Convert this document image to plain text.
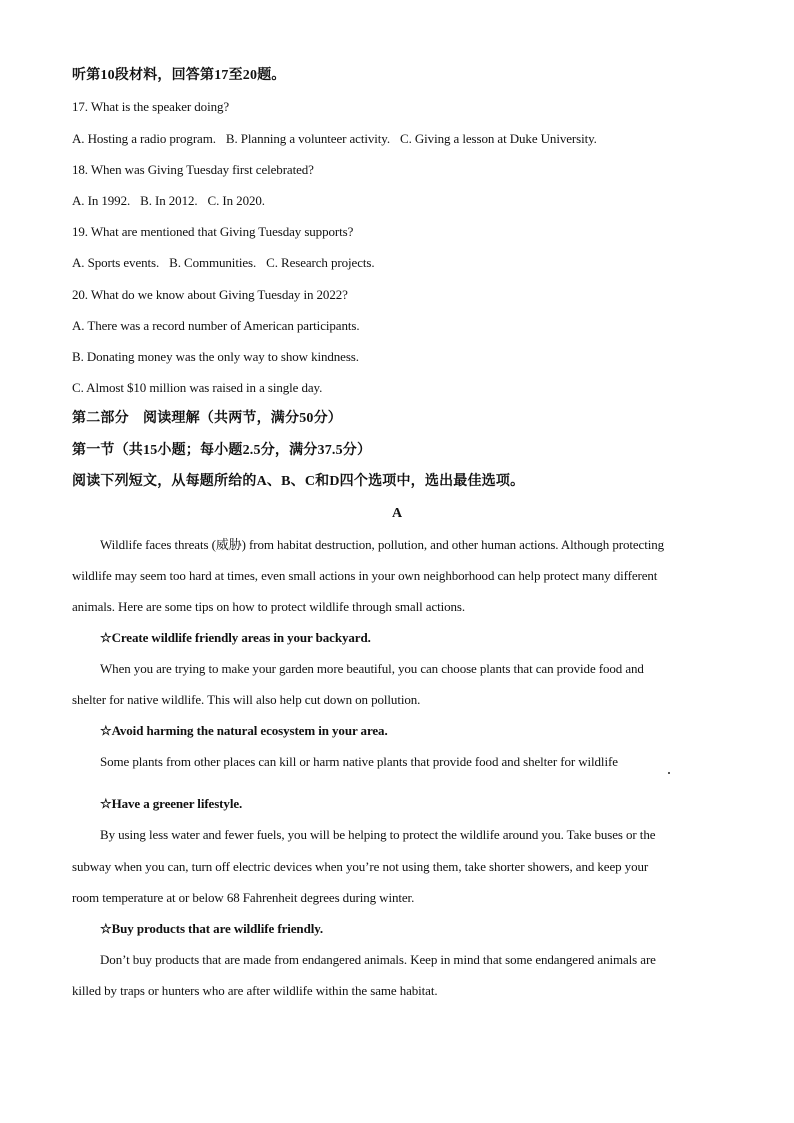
听第10段材料，回答第17至20题。
17. What is the speaker doing?
A. Hosting a radio program. B. Planning a volunteer activity. C. Giving a lesson at Duke University.
18. When was Giving Tuesday first celebrated?
A. In 1992. B. In 2012. C. In 2020.
19. What are mentioned that Giving Tuesday supports?
A. Sports events. B. Communities. C. Research projects.
20. What do we know about Giving Tuesday in 2022?
A. There was a record number of American participants.
B. Donating money was the only way to show kindness.
C. Almost $10 million was raised in a single day.
第二部分　阅读理解（共两节，满分50分）
第一节（共15小题；每小题2.5分，满分37.5分）
阅读下列短文，从每题所给的A、B、C和D四个选项中，选出最佳选项。
A
Wildlife faces threats (威胁) from habitat destruction, pollution, and other human actions. Although protecting
wildlife may seem too hard at times, even small actions in your own neighborhood can help protect many different
animals. Here are some tips on how to protect wildlife through small actions.
☆Create wildlife friendly areas in your backyard.
When you are trying to make your garden more beautiful, you can choose plants that can provide food and
shelter for native wildlife. This will also help cut down on pollution.
☆Avoid harming the natural ecosystem in your area.
Some plants from other places can kill or harm native plants that provide food and shelter for wildlife
☆Have a greener lifestyle.
By using less water and fewer fuels, you will be helping to protect the wildlife around you. Take buses or the
subway when you can, turn off electric devices when you’re not using them, take shorter showers, and keep your
room temperature at or below 68 Fahrenheit degrees during winter.
☆Buy products that are wildlife friendly.
Don’t buy products that are made from endangered animals. Keep in mind that some endangered animals are
killed by traps or hunters who are after wildlife within the same habitat.
